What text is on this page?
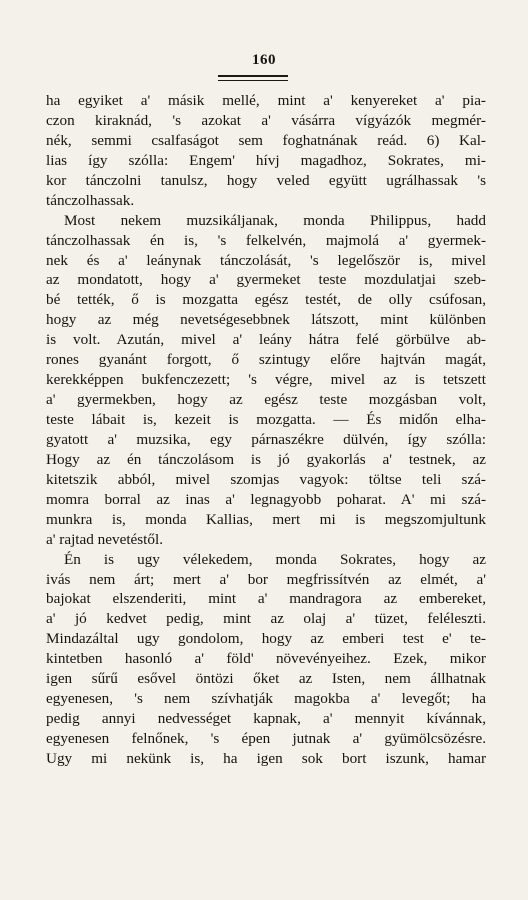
160
ha egyiket a' másik mellé, mint a' kenyereket a' pia-
czon kiraknád, 's azokat a' vásárra vígyázók megmér-
nék, semmi csalfaságot sem foghatnának reád. 6) Kal-
lias így szólla: Engem' hívj magadhoz, Sokrates, mi-
kor tánczolni tanulsz, hogy veled együtt ugrálhassak 's
tánczolhassak.
Most nekem muzsikáljanak, monda Philippus, hadd
tánczolhassak én is, 's felkelvén, majmolá a' gyermek-
nek és a' leánynak tánczolását, 's legelőször is, mivel
az mondatott, hogy a' gyermeket teste mozdulatjai szeb-
bé tették, ő is mozgatta egész testét, de olly csúfosan,
hogy az még nevetségesebbnek látszott, mint különben
is volt. Azután, mivel a' leány hátra felé görbülve ab-
rones gyanánt forgott, ő szintugy előre hajtván magát,
kerekképpen bukfenczezett; 's végre, mivel az is tetszett
a' gyermekben, hogy az egész teste mozgásban volt,
teste lábait is, kezeit is mozgatta. — És midőn elha-
gyatott a' muzsika, egy párnaszékre dülvén, így szólla:
Hogy az én tánczolásom is jó gyakorlás a' testnek, az
kitetszik abból, mivel szomjas vagyok: töltse teli szá-
momra borral az inas a' legnagyobb poharat. A' mi szá-
munkra is, monda Kallias, mert mi is megszomjultunk
a' rajtad nevetéstől.
Én is ugy vélekedem, monda Sokrates, hogy az
ivás nem árt; mert a' bor megfrissítvén az elmét, a'
bajokat elszenderiti, mint a' mandragora az embereket,
a' jó kedvet pedig, mint az olaj a' tüzet, feléleszti.
Mindazáltal ugy gondolom, hogy az emberi test e' te-
kintetben hasonló a' föld' növevényeihez. Ezek, mikor
igen sűrű esővel öntözi őket az Isten, nem állhatnak
egyenesen, 's nem szívhatják magokba a' levegőt; ha
pedig annyi nedvességet kapnak, a' mennyit kívánnak,
egyenesen felnőnek, 's épen jutnak a' gyümölcsözésre.
Ugy mi nekünk is, ha igen sok bort iszunk, hamar
